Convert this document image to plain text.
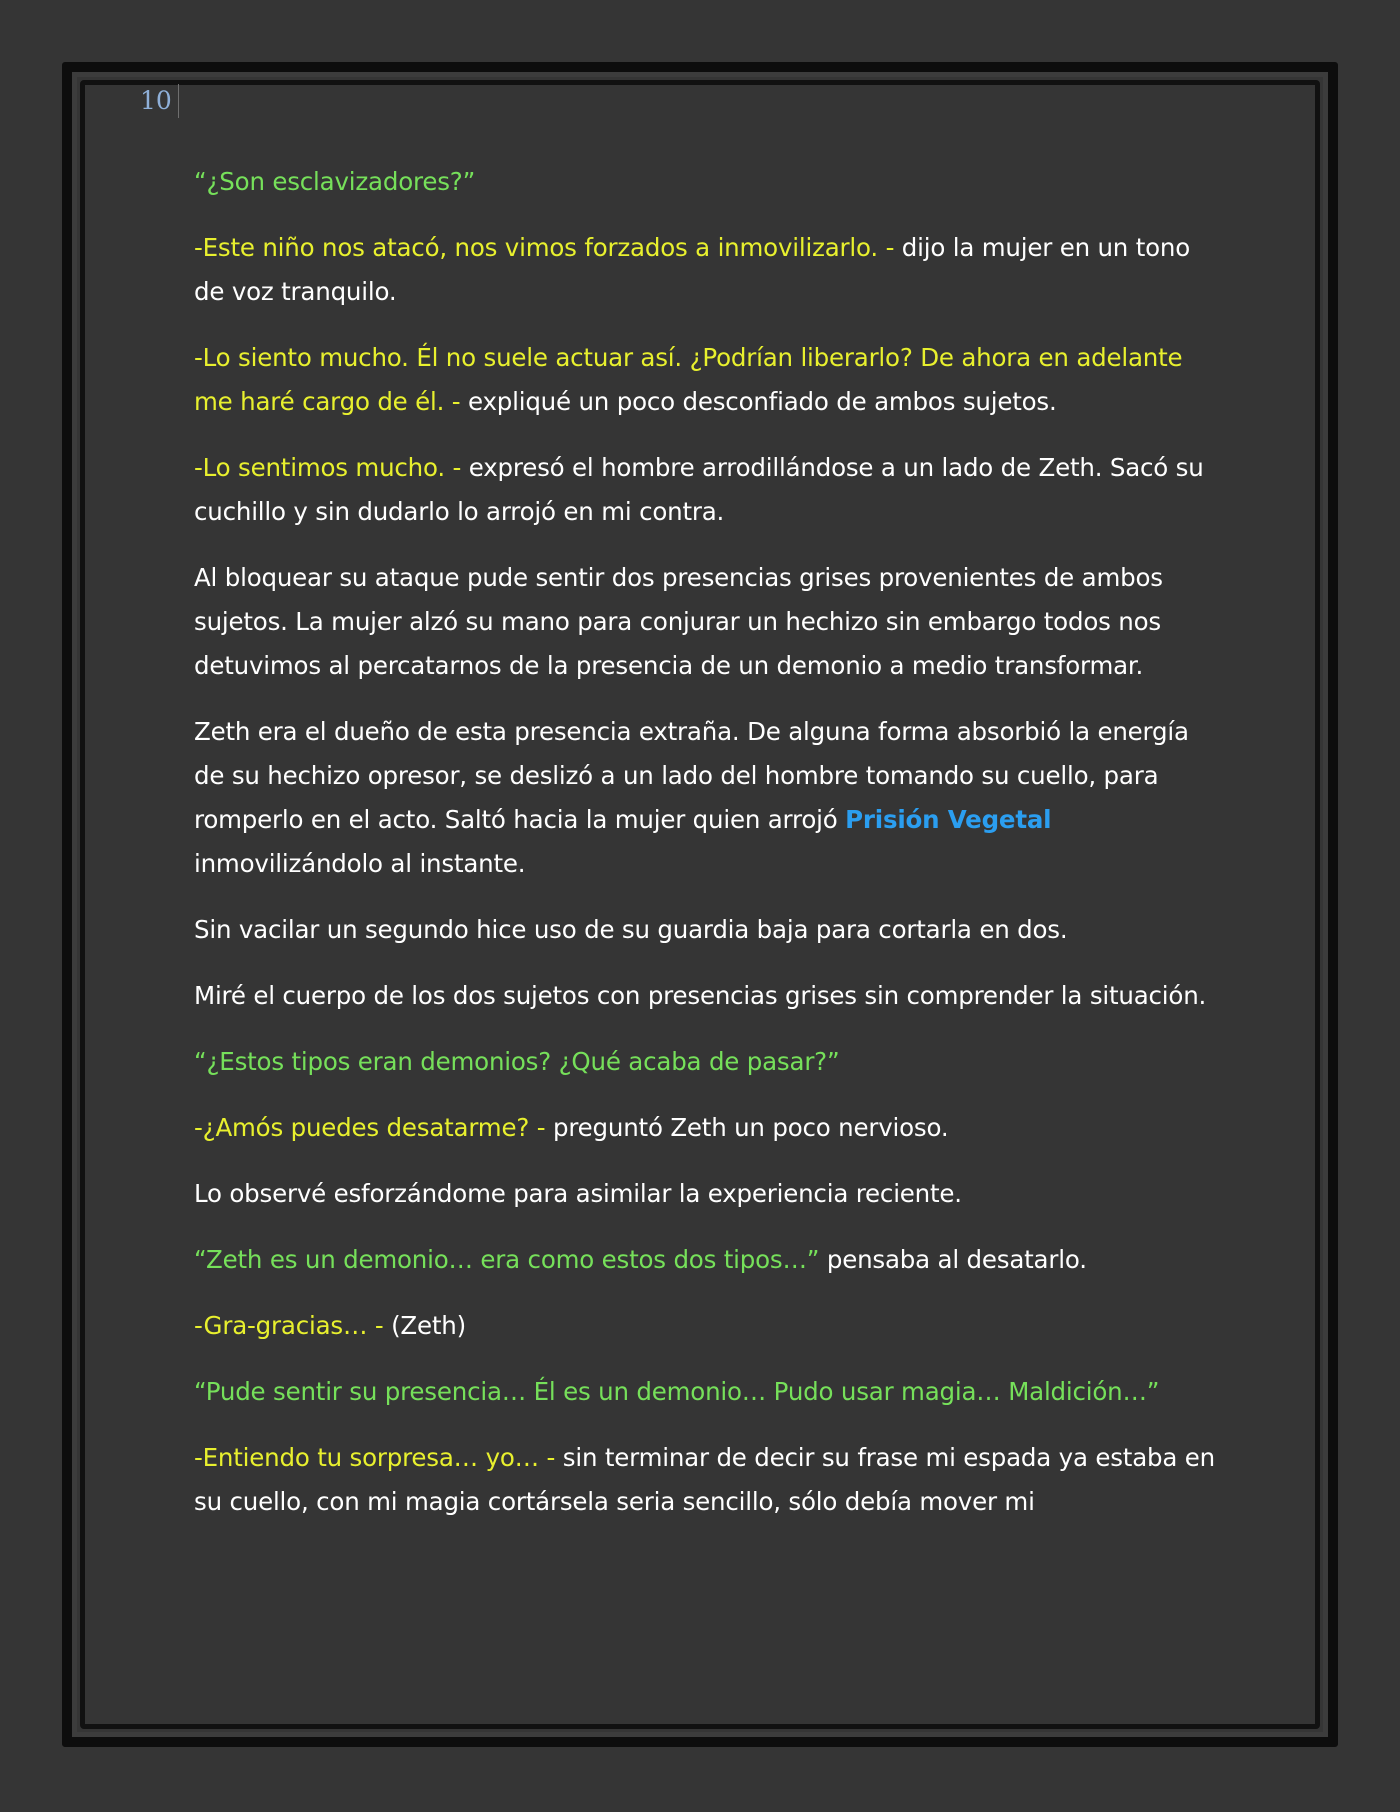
10

“¿Son esclavizadores?”

-Este niño nos atacó, nos vimos forzados a inmovilizarlo. - dijo la mujer en un tono de voz tranquilo.

-Lo siento mucho. Él no suele actuar así. ¿Podrían liberarlo? De ahora en adelante me haré cargo de él. - expliqué un poco desconfiado de ambos sujetos.

-Lo sentimos mucho. - expresó el hombre arrodillándose a un lado de Zeth. Sacó su cuchillo y sin dudarlo lo arrojó en mi contra.

Al bloquear su ataque pude sentir dos presencias grises provenientes de ambos sujetos. La mujer alzó su mano para conjurar un hechizo sin embargo todos nos detuvimos al percatarnos de la presencia de un demonio a medio transformar.

Zeth era el dueño de esta presencia extraña. De alguna forma absorbió la energía de su hechizo opresor, se deslizó a un lado del hombre tomando su cuello, para romperlo en el acto. Saltó hacia la mujer quien arrojó Prisión Vegetal inmovilizándolo al instante.

Sin vacilar un segundo hice uso de su guardia baja para cortarla en dos.

Miré el cuerpo de los dos sujetos con presencias grises sin comprender la situación.

“¿Estos tipos eran demonios? ¿Qué acaba de pasar?”

-¿Amós puedes desatarme? - preguntó Zeth un poco nervioso.

Lo observé esforzándome para asimilar la experiencia reciente.

“Zeth es un demonio… era como estos dos tipos…” pensaba al desatarlo.

-Gra-gracias… - (Zeth)

“Pude sentir su presencia… Él es un demonio… Pudo usar magia… Maldición…”

-Entiendo tu sorpresa… yo… - sin terminar de decir su frase mi espada ya estaba en su cuello, con mi magia cortársela seria sencillo, sólo debía mover mi
